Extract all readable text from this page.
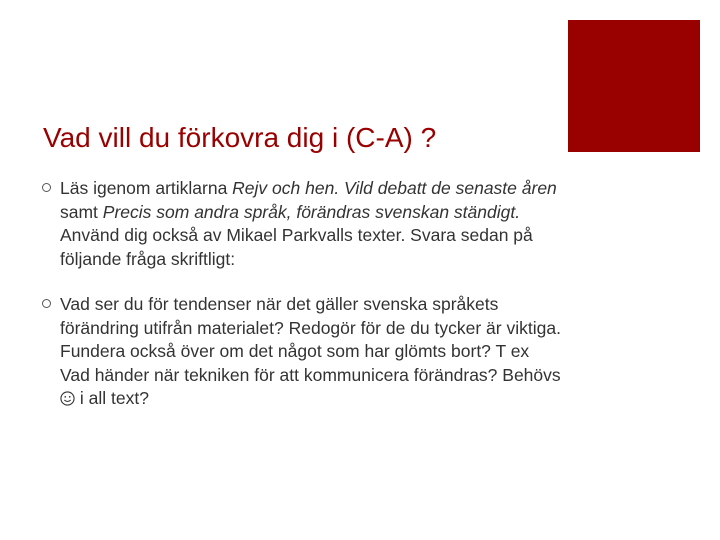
Vad vill du förkovra dig i (C-A) ?
Läs igenom artiklarna Rejv och hen. Vild debatt de senaste åren samt Precis som andra språk, förändras svenskan ständigt. Använd dig också av Mikael Parkvalls texter. Svara sedan på följande fråga skriftligt:
Vad ser du för tendenser när det gäller svenska språkets förändring utifrån materialet? Redogör för de du tycker är viktiga. Fundera också över om det något som har glömts bort? T ex Vad händer när tekniken för att kommunicera förändras? Behövs  i all text?
